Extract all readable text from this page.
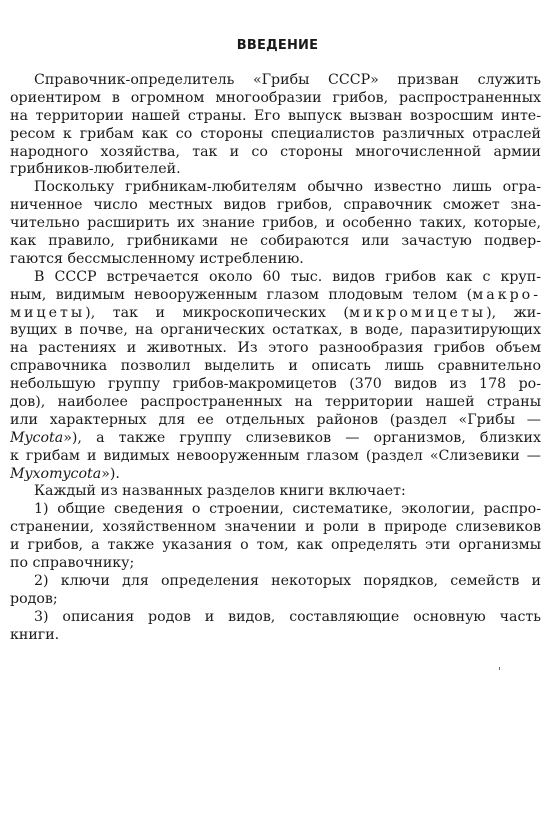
ВВЕДЕНИЕ
Справочник-определитель «Грибы СССР» призван служить
ориентиром в огромном многообразии грибов, распространенных
на территории нашей страны. Его выпуск вызван возросшим инте-
ресом к грибам как со стороны специалистов различных отраслей
народного хозяйства, так и со стороны многочисленной армии
грибников-любителей.
Поскольку грибникам-любителям обычно известно лишь огра-
ниченное число местных видов грибов, справочник сможет зна-
чительно расширить их знание грибов, и особенно таких, которые,
как правило, грибниками не собираются или зачастую подвер-
гаются бессмысленному истреблению.
В СССР встречается около 60 тыс. видов грибов как с круп-
ным, видимым невооруженным глазом плодовым телом (макро-
мицеты), так и микроскопических (микромицеты), жи-
вущих в почве, на органических остатках, в воде, паразитирующих
на растениях и животных. Из этого разнообразия грибов объем
справочника позволил выделить и описать лишь сравнительно
небольшую группу грибов-макромицетов (370 видов из 178 ро-
дов), наиболее распространенных на территории нашей страны
или характерных для ее отдельных районов (раздел «Грибы —
Mycota»), а также группу слизевиков — организмов, близких
к грибам и видимых невооруженным глазом (раздел «Слизевики —
Myxomycota»).
Каждый из названных разделов книги включает:
1) общие сведения о строении, систематике, экологии, распро-
странении, хозяйственном значении и роли в природе слизевиков
и грибов, а также указания о том, как определять эти организмы
по справочнику;
2) ключи для определения некоторых порядков, семейств и
родов;
3) описания родов и видов, составляющие основную часть
книги.
'
